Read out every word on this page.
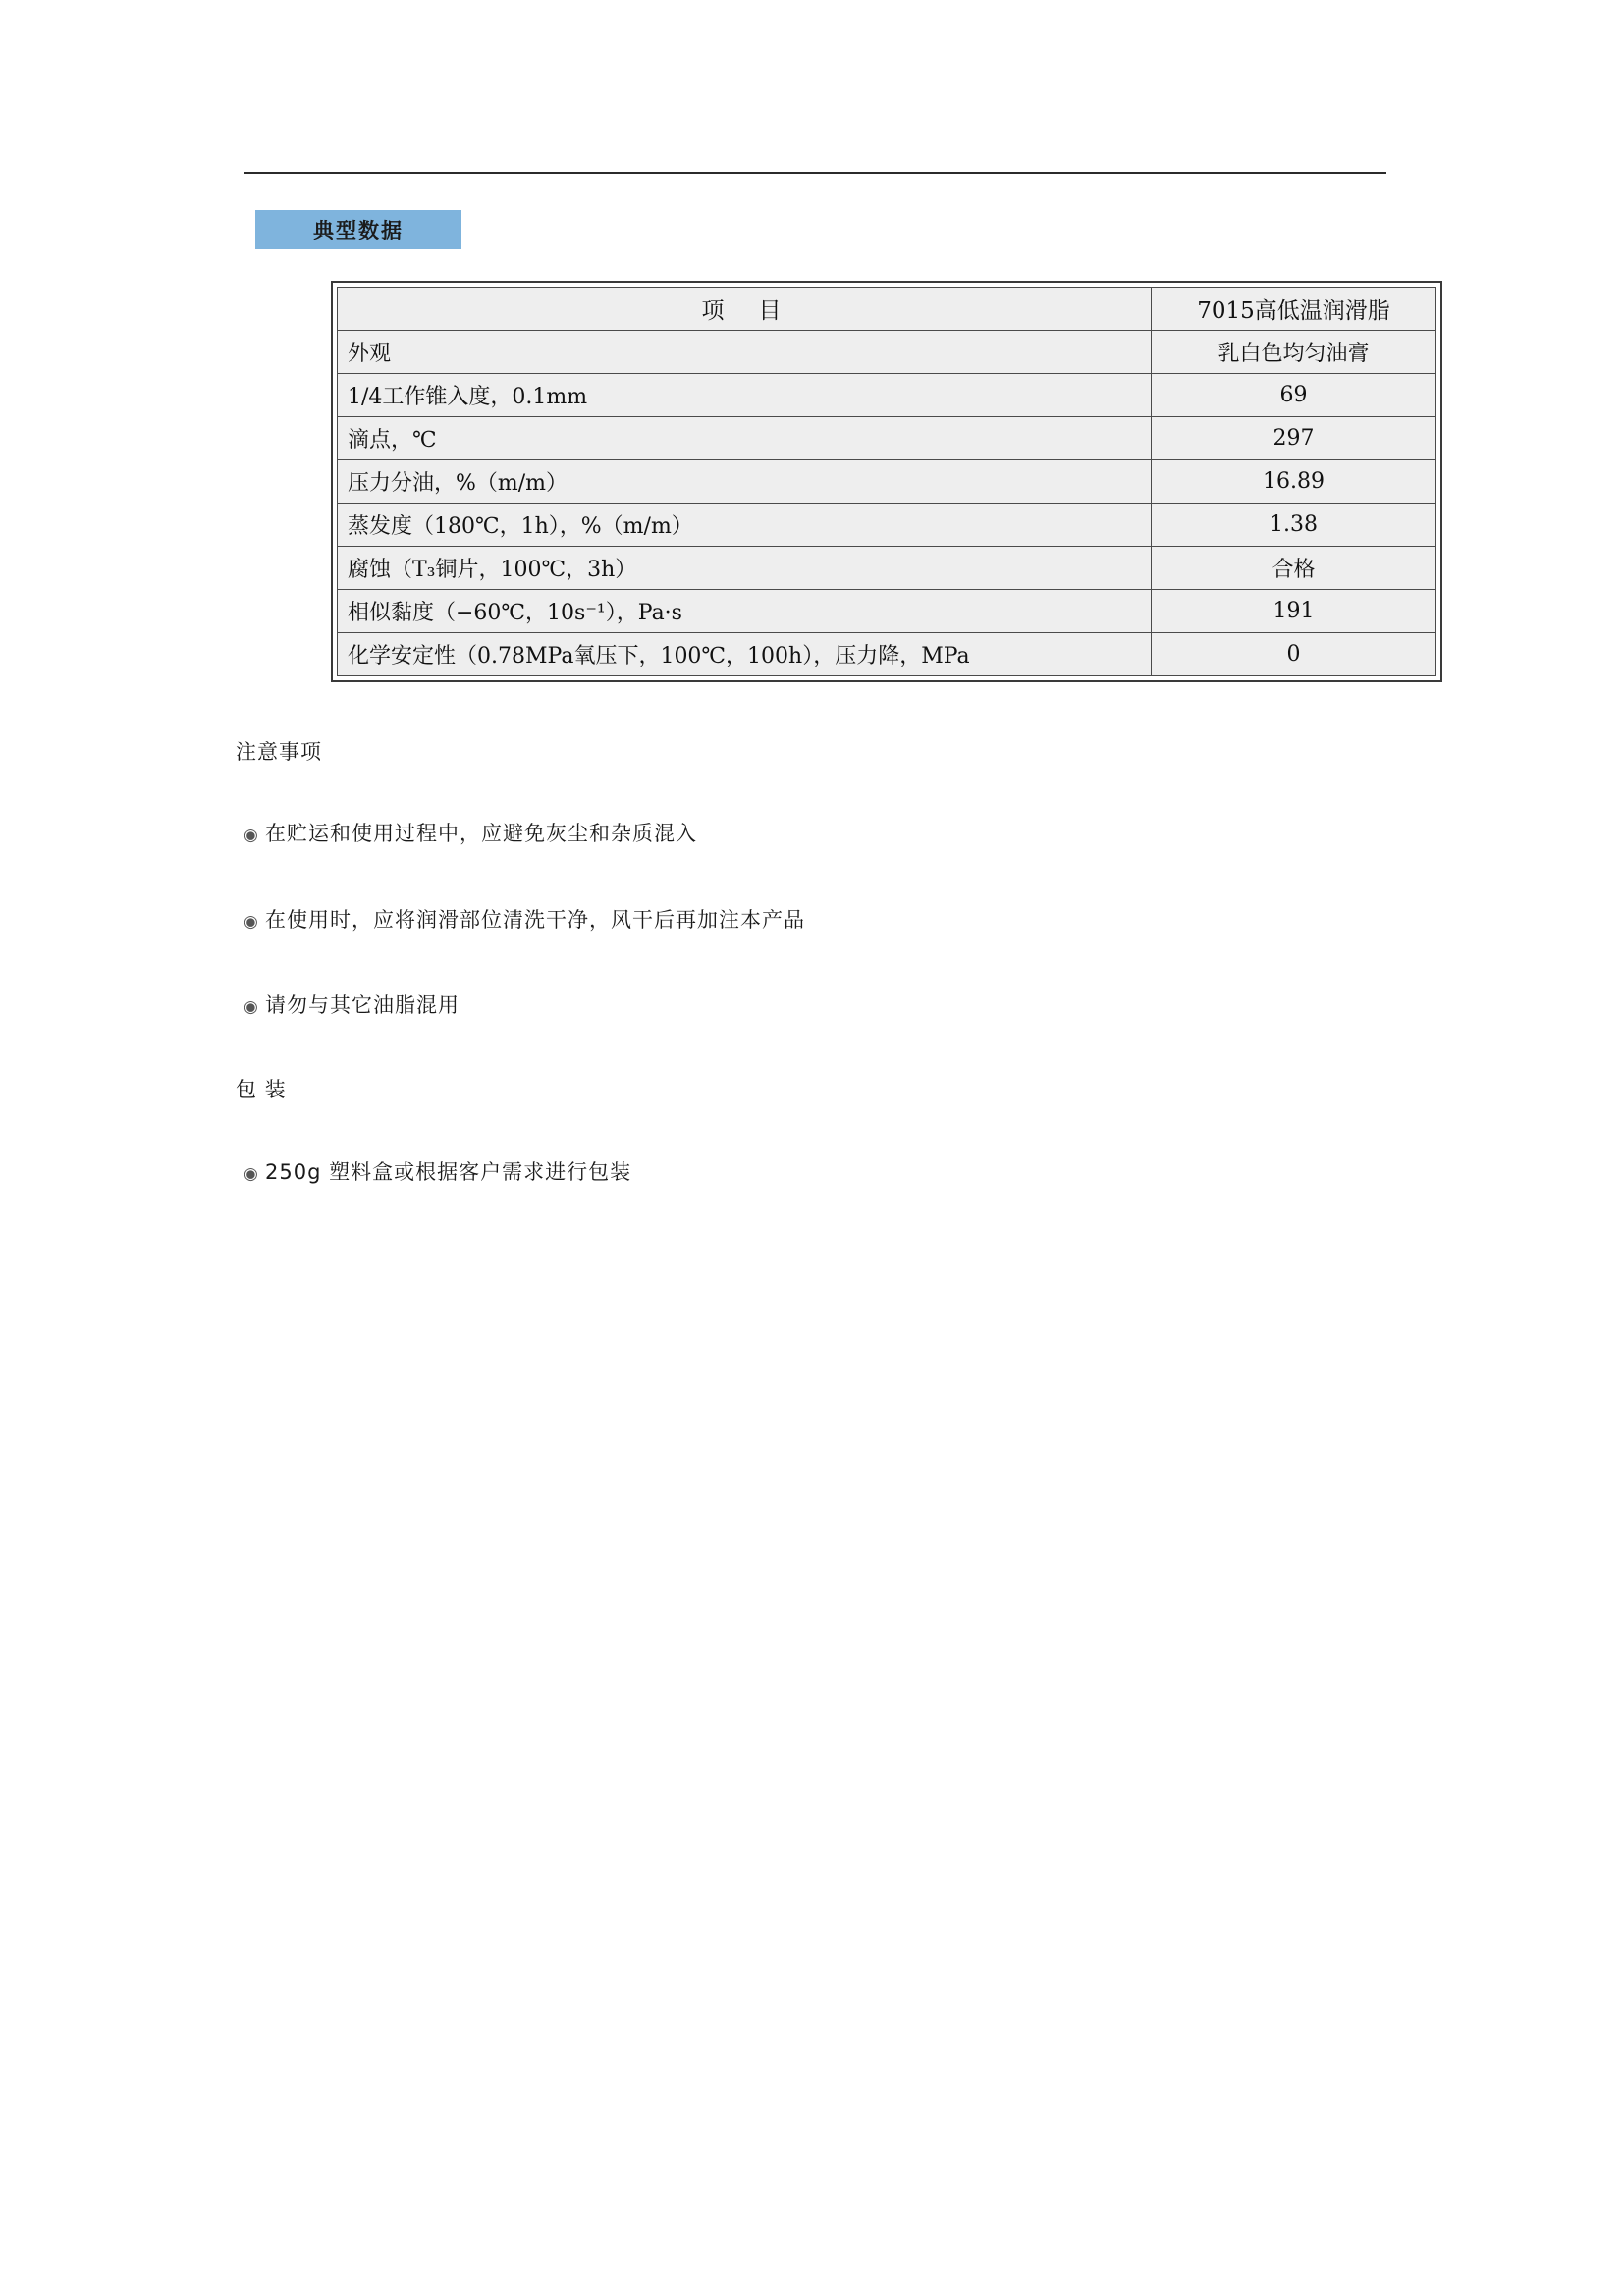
典型数据
项　目	7015高低温润滑脂
外观	乳白色均匀油膏
1/4工作锥入度，0.1mm	69
滴点，℃	297
压力分油，%（m/m）	16.89
蒸发度（180℃，1h），%（m/m）	1.38
腐蚀（T₃铜片，100℃，3h）	合格
相似黏度（−60℃，10s⁻¹），Pa·s	191
化学安定性（0.78MPa氧压下，100℃，100h），压力降，MPa	0
注意事项
◉ 在贮运和使用过程中，应避免灰尘和杂质混入
◉ 在使用时，应将润滑部位清洗干净，风干后再加注本产品
◉ 请勿与其它油脂混用
包 装
◉ 250g 塑料盒或根据客户需求进行包装
